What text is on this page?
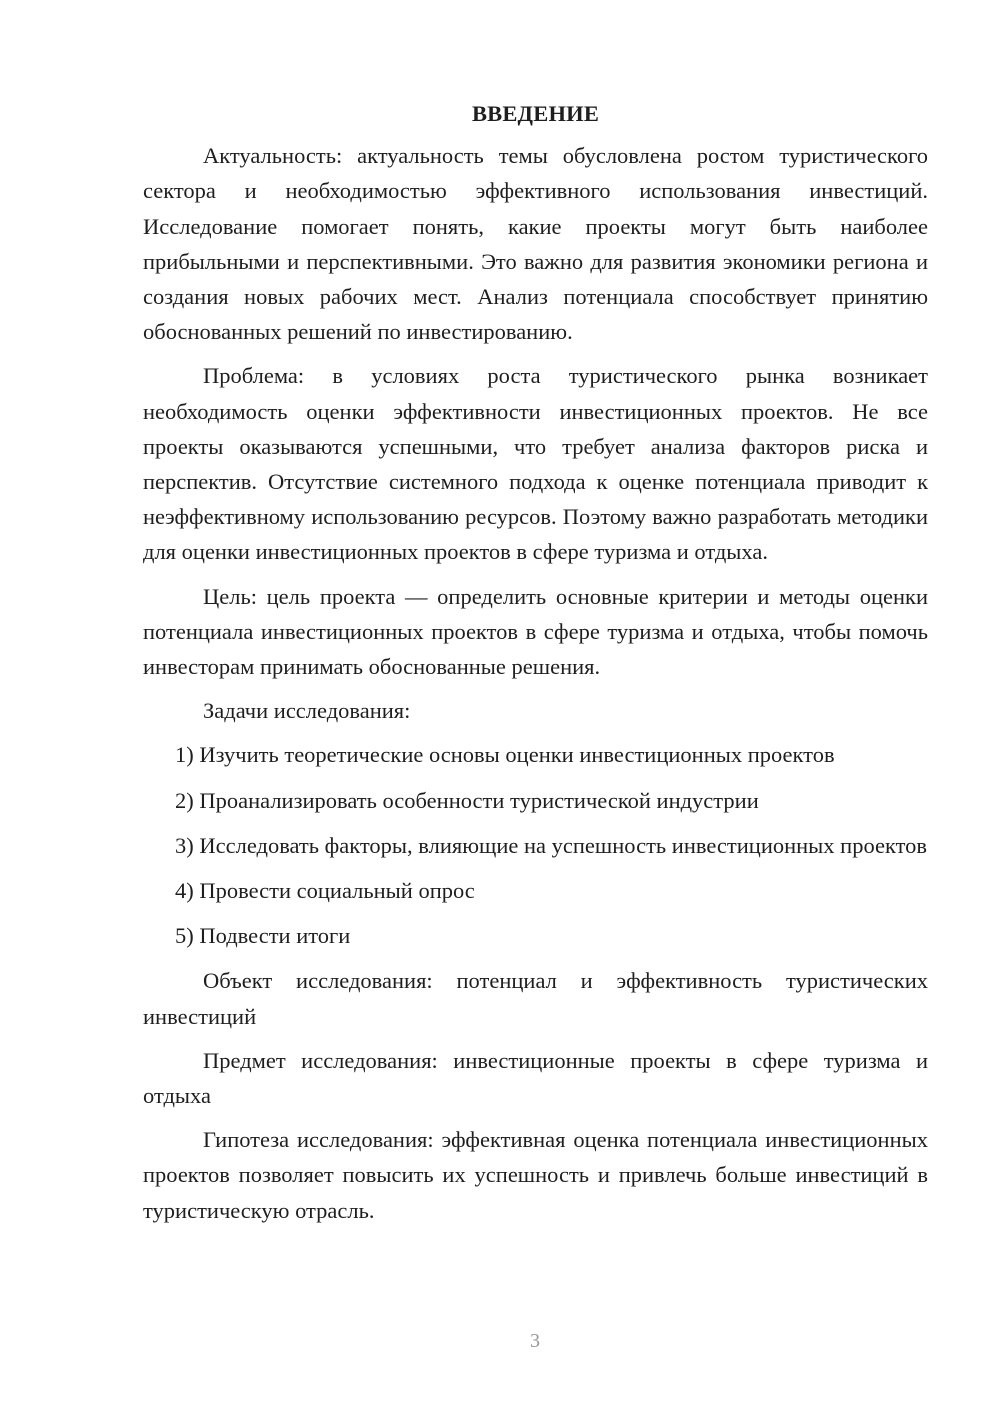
ВВЕДЕНИЕ

Актуальность: актуальность темы обусловлена ростом туристического сектора и необходимостью эффективного использования инвестиций. Исследование помогает понять, какие проекты могут быть наиболее прибыльными и перспективными. Это важно для развития экономики региона и создания новых рабочих мест. Анализ потенциала способствует принятию обоснованных решений по инвестированию.

Проблема: в условиях роста туристического рынка возникает необходимость оценки эффективности инвестиционных проектов. Не все проекты оказываются успешными, что требует анализа факторов риска и перспектив. Отсутствие системного подхода к оценке потенциала приводит к неэффективному использованию ресурсов. Поэтому важно разработать методики для оценки инвестиционных проектов в сфере туризма и отдыха.

Цель: цель проекта — определить основные критерии и методы оценки потенциала инвестиционных проектов в сфере туризма и отдыха, чтобы помочь инвесторам принимать обоснованные решения.

Задачи исследования:

1) Изучить теоретические основы оценки инвестиционных проектов

2) Проанализировать особенности туристической индустрии

3) Исследовать факторы, влияющие на успешность инвестиционных проектов

4) Провести социальный опрос

5) Подвести итоги

Объект исследования: потенциал и эффективность туристических инвестиций

Предмет исследования: инвестиционные проекты в сфере туризма и отдыха

Гипотеза исследования: эффективная оценка потенциала инвестиционных проектов позволяет повысить их успешность и привлечь больше инвестиций в туристическую отрасль.

3
